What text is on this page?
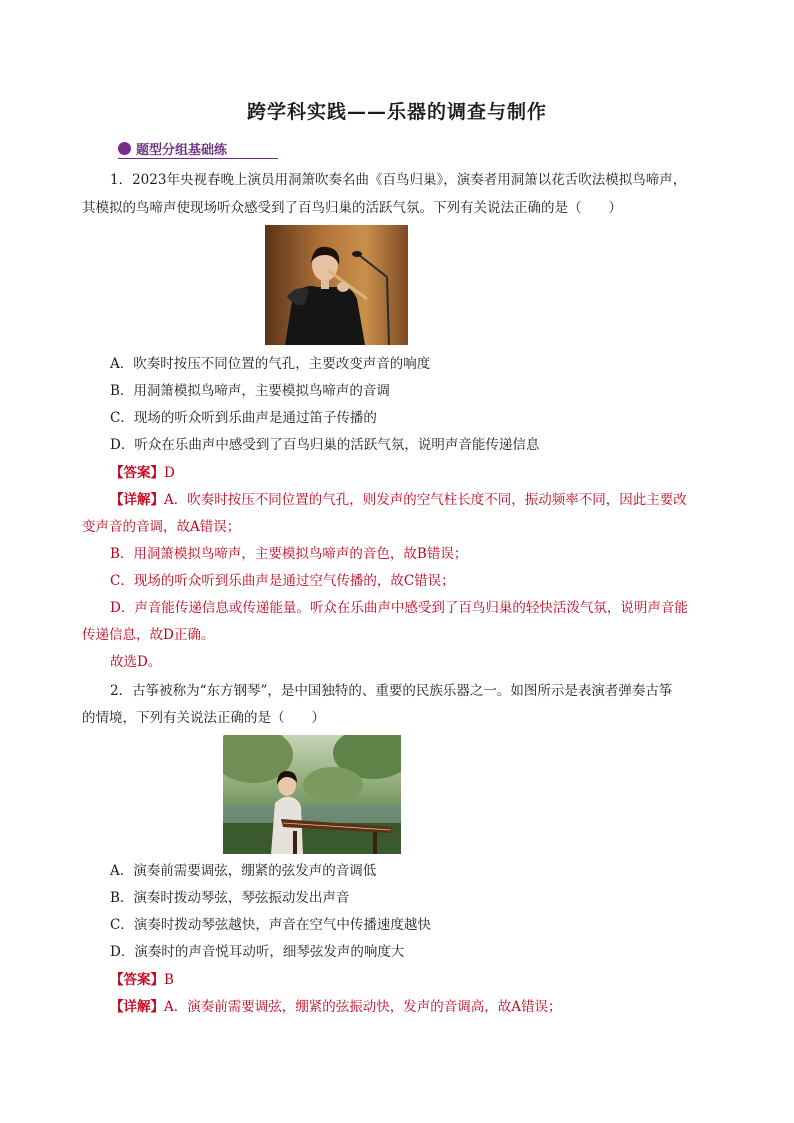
跨学科实践——乐器的调查与制作
题型分组基础练
1．2023年央视春晚上演员用洞箫吹奏名曲《百鸟归巢》，演奏者用洞箫以花舌吹法模拟鸟啼声，
其模拟的鸟啼声使现场听众感受到了百鸟归巢的活跃气氛。下列有关说法正确的是（　　）
A．吹奏时按压不同位置的气孔，主要改变声音的响度
B．用洞箫模拟鸟啼声，主要模拟鸟啼声的音调
C．现场的听众听到乐曲声是通过笛子传播的
D．听众在乐曲声中感受到了百鸟归巢的活跃气氛，说明声音能传递信息
【答案】D
【详解】A．吹奏时按压不同位置的气孔，则发声的空气柱长度不同，振动频率不同，因此主要改
变声音的音调，故A错误；
B．用洞箫模拟鸟啼声，主要模拟鸟啼声的音色，故B错误；
C．现场的听众听到乐曲声是通过空气传播的，故C错误；
D．声音能传递信息或传递能量。听众在乐曲声中感受到了百鸟归巢的轻快活泼气氛，说明声音能
传递信息，故D正确。
故选D。
2．古筝被称为“东方钢琴”，是中国独特的、重要的民族乐器之一。如图所示是表演者弹奏古筝
的情境，下列有关说法正确的是（　　）
A．演奏前需要调弦，绷紧的弦发声的音调低
B．演奏时拨动琴弦，琴弦振动发出声音
C．演奏时拨动琴弦越快，声音在空气中传播速度越快
D．演奏时的声音悦耳动听，细琴弦发声的响度大
【答案】B
【详解】A．演奏前需要调弦，绷紧的弦振动快，发声的音调高，故A错误；
